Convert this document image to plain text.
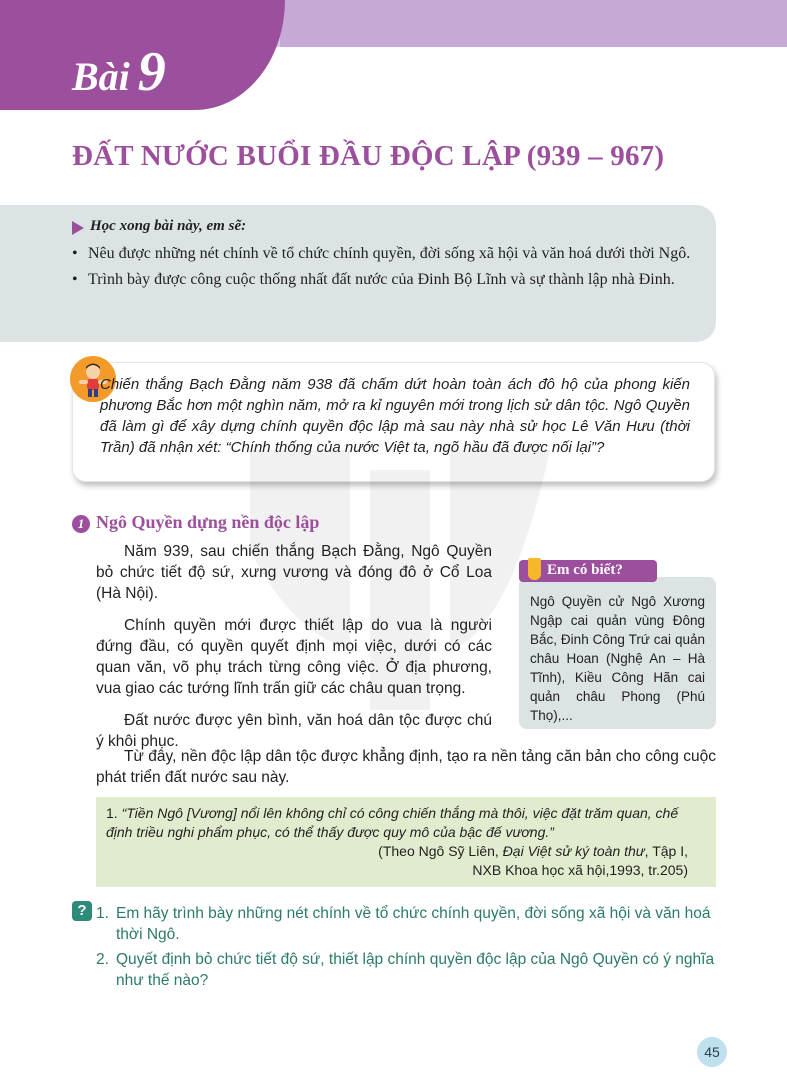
Bài 9
ĐẤT NƯỚC BUỔI ĐẦU ĐỘC LẬP (939 – 967)
Học xong bài này, em sẽ:
• Nêu được những nét chính về tổ chức chính quyền, đời sống xã hội và văn hoá dưới thời Ngô.
• Trình bày được công cuộc thống nhất đất nước của Đinh Bộ Lĩnh và sự thành lập nhà Đinh.
Chiến thắng Bạch Đằng năm 938 đã chấm dứt hoàn toàn ách đô hộ của phong kiến phương Bắc hơn một nghìn năm, mở ra kỉ nguyên mới trong lịch sử dân tộc. Ngô Quyền đã làm gì để xây dựng chính quyền độc lập mà sau này nhà sử học Lê Văn Hưu (thời Trần) đã nhận xét: “Chính thống của nước Việt ta, ngõ hầu đã được nối lại”?
1 Ngô Quyền dựng nền độc lập

Năm 939, sau chiến thắng Bạch Đằng, Ngô Quyền bỏ chức tiết độ sứ, xưng vương và đóng đô ở Cổ Loa (Hà Nội).

Chính quyền mới được thiết lập do vua là người đứng đầu, có quyền quyết định mọi việc, dưới có các quan văn, võ phụ trách từng công việc. Ở địa phương, vua giao các tướng lĩnh trấn giữ các châu quan trọng.

Đất nước được yên bình, văn hoá dân tộc được chú ý khôi phục.

Từ đây, nền độc lập dân tộc được khẳng định, tạo ra nền tảng căn bản cho công cuộc phát triển đất nước sau này.

Em có biết?
Ngô Quyền cử Ngô Xương Ngập cai quản vùng Đông Bắc, Đinh Công Trứ cai quản châu Hoan (Nghệ An – Hà Tĩnh), Kiều Công Hãn cai quản châu Phong (Phú Thọ),...
1. “Tiền Ngô [Vương] nổi lên không chỉ có công chiến thắng mà thôi, việc đặt trăm quan, chế định triều nghi phẩm phục, có thể thấy được quy mô của bậc đế vương.”
(Theo Ngô Sỹ Liên, Đại Việt sử ký toàn thư, Tập I,
NXB Khoa học xã hội,1993, tr.205)
? 1. Em hãy trình bày những nét chính về tổ chức chính quyền, đời sống xã hội và văn hoá thời Ngô.
2. Quyết định bỏ chức tiết độ sứ, thiết lập chính quyền độc lập của Ngô Quyền có ý nghĩa như thế nào?
45
